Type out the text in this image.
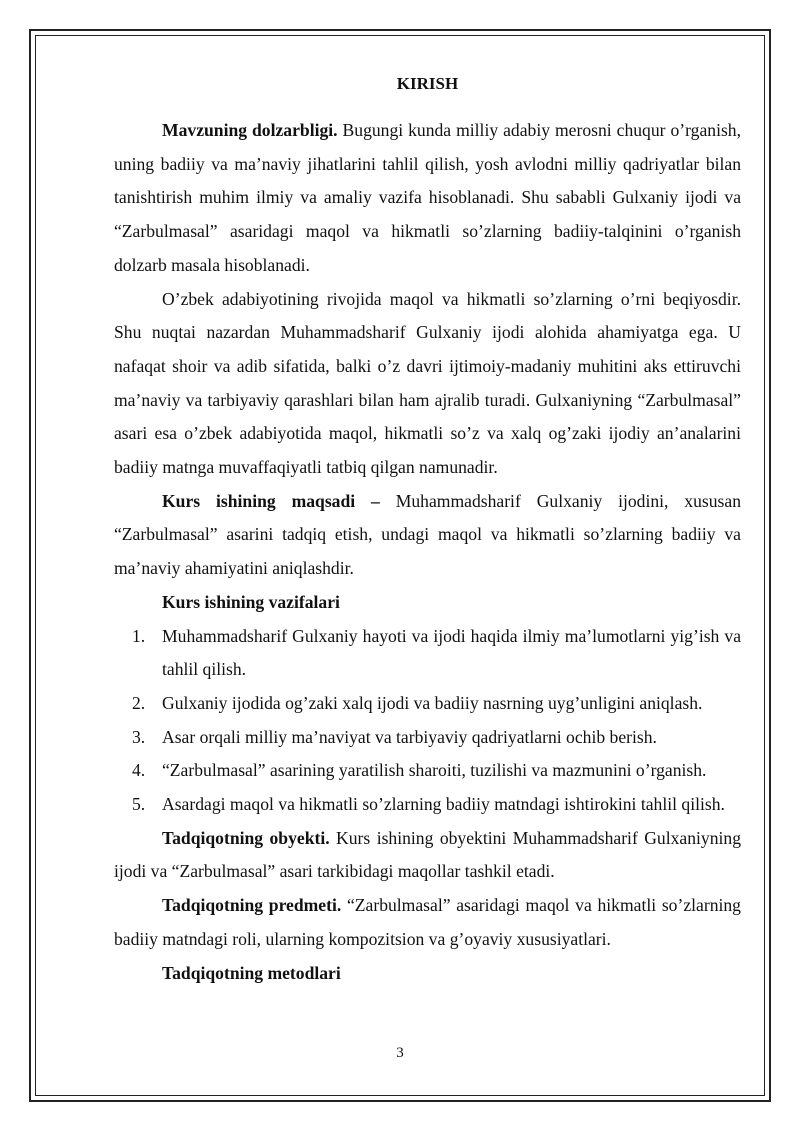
KIRISH

Mavzuning dolzarbligi. Bugungi kunda milliy adabiy merosni chuqur o’rganish, uning badiiy va ma’naviy jihatlarini tahlil qilish, yosh avlodni milliy qadriyatlar bilan tanishtirish muhim ilmiy va amaliy vazifa hisoblanadi. Shu sababli Gulxaniy ijodi va “Zarbulmasal” asaridagi maqol va hikmatli so’zlarning badiiy-talqinini o’rganish dolzarb masala hisoblanadi.

O’zbek adabiyotining rivojida maqol va hikmatli so’zlarning o’rni beqiyosdir. Shu nuqtai nazardan Muhammadsharif Gulxaniy ijodi alohida ahamiyatga ega. U nafaqat shoir va adib sifatida, balki o’z davri ijtimoiy-madaniy muhitini aks ettiruvchi ma’naviy va tarbiyaviy qarashlari bilan ham ajralib turadi. Gulxaniyning “Zarbulmasal” asari esa o’zbek adabiyotida maqol, hikmatli so’z va xalq og’zaki ijodiy an’analarini badiiy matnga muvaffaqiyatli tatbiq qilgan namunadir.

Kurs ishining maqsadi – Muhammadsharif Gulxaniy ijodini, xususan “Zarbulmasal” asarini tadqiq etish, undagi maqol va hikmatli so’zlarning badiiy va ma’naviy ahamiyatini aniqlashdir.

Kurs ishining vazifalari
1. Muhammadsharif Gulxaniy hayoti va ijodi haqida ilmiy ma’lumotlarni yig’ish va tahlil qilish.
2. Gulxaniy ijodida og’zaki xalq ijodi va badiiy nasrning uyg’unligini aniqlash.
3. Asar orqali milliy ma’naviyat va tarbiyaviy qadriyatlarni ochib berish.
4. “Zarbulmasal” asarining yaratilish sharoiti, tuzilishi va mazmunini o’rganish.
5. Asardagi maqol va hikmatli so’zlarning badiiy matndagi ishtirokini tahlil qilish.

Tadqiqotning obyekti. Kurs ishining obyektini Muhammadsharif Gulxaniyning ijodi va “Zarbulmasal” asari tarkibidagi maqollar tashkil etadi.

Tadqiqotning predmeti. “Zarbulmasal” asaridagi maqol va hikmatli so’zlarning badiiy matndagi roli, ularning kompozitsion va g’oyaviy xususiyatlari.

Tadqiqotning metodlari
3
